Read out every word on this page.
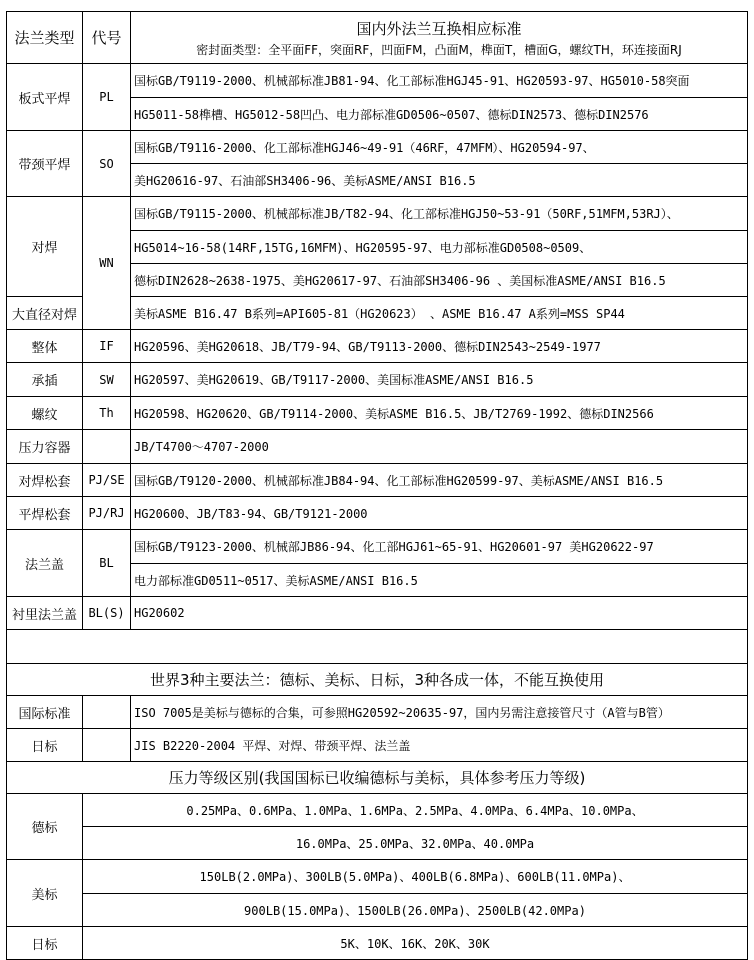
法兰类型	代号	国内外法兰互换相应标准
密封面类型：全平面FF，突面RF，凹面FM，凸面M，榫面T，槽面G，螺纹TH，环连接面RJ

板式平焊	PL	国标GB/T9119-2000、机械部标准JB81-94、化工部标准HGJ45-91、HG20593-97、HG5010-58突面
		HG5011-58榫槽、HG5012-58凹凸、电力部标准GD0506~0507、德标DIN2573、德标DIN2576
带颈平焊	SO	国标GB/T9116-2000、化工部标准HGJ46~49-91（46RF，47MFM）、HG20594-97、
		美HG20616-97、石油部SH3406-96、美标ASME/ANSI B16.5
对焊	WN	国标GB/T9115-2000、机械部标准JB/T82-94、化工部标准HGJ50~53-91（50RF,51MFM,53RJ）、
		HG5014~16-58(14RF,15TG,16MFM)、HG20595-97、电力部标准GD0508~0509、
		德标DIN2628~2638-1975、美HG20617-97、石油部SH3406-96 、美国标准ASME/ANSI B16.5
大直径对焊		美标ASME B16.47 B系列=API605-81（HG20623） 、ASME B16.47 A系列=MSS SP44
整体	IF	HG20596、美HG20618、JB/T79-94、GB/T9113-2000、德标DIN2543~2549-1977
承插	SW	HG20597、美HG20619、GB/T9117-2000、美国标准ASME/ANSI B16.5
螺纹	Th	HG20598、HG20620、GB/T9114-2000、美标ASME B16.5、JB/T2769-1992、德标DIN2566
压力容器		JB/T4700～4707-2000
对焊松套	PJ/SE	国标GB/T9120-2000、机械部标准JB84-94、化工部标准HG20599-97、美标ASME/ANSI B16.5
平焊松套	PJ/RJ	HG20600、JB/T83-94、GB/T9121-2000
法兰盖	BL	国标GB/T9123-2000、机械部JB86-94、化工部HGJ61~65-91、HG20601-97 美HG20622-97
		电力部标准GD0511~0517、美标ASME/ANSI B16.5
衬里法兰盖	BL(S)	HG20602

世界3种主要法兰：德标、美标、日标，3种各成一体，不能互换使用		
国际标准		ISO 7005是美标与德标的合集，可参照HG20592~20635-97，国内另需注意接管尺寸（A管与B管）
日标		JIS B2220-2004 平焊、对焊、带颈平焊、法兰盖
压力等级区别(我国国标已收编德标与美标，具体参考压力等级)		
德标	0.25MPa、0.6MPa、1.0MPa、1.6MPa、2.5MPa、4.0MPa、6.4MPa、10.0MPa、	
	16.0MPa、25.0MPa、32.0MPa、40.0MPa	
美标	150LB(2.0MPa)、300LB(5.0MPa)、400LB(6.8MPa)、600LB(11.0MPa)、	
	900LB(15.0MPa)、1500LB(26.0MPa)、2500LB(42.0MPa)	
日标	5K、10K、16K、20K、30K	
